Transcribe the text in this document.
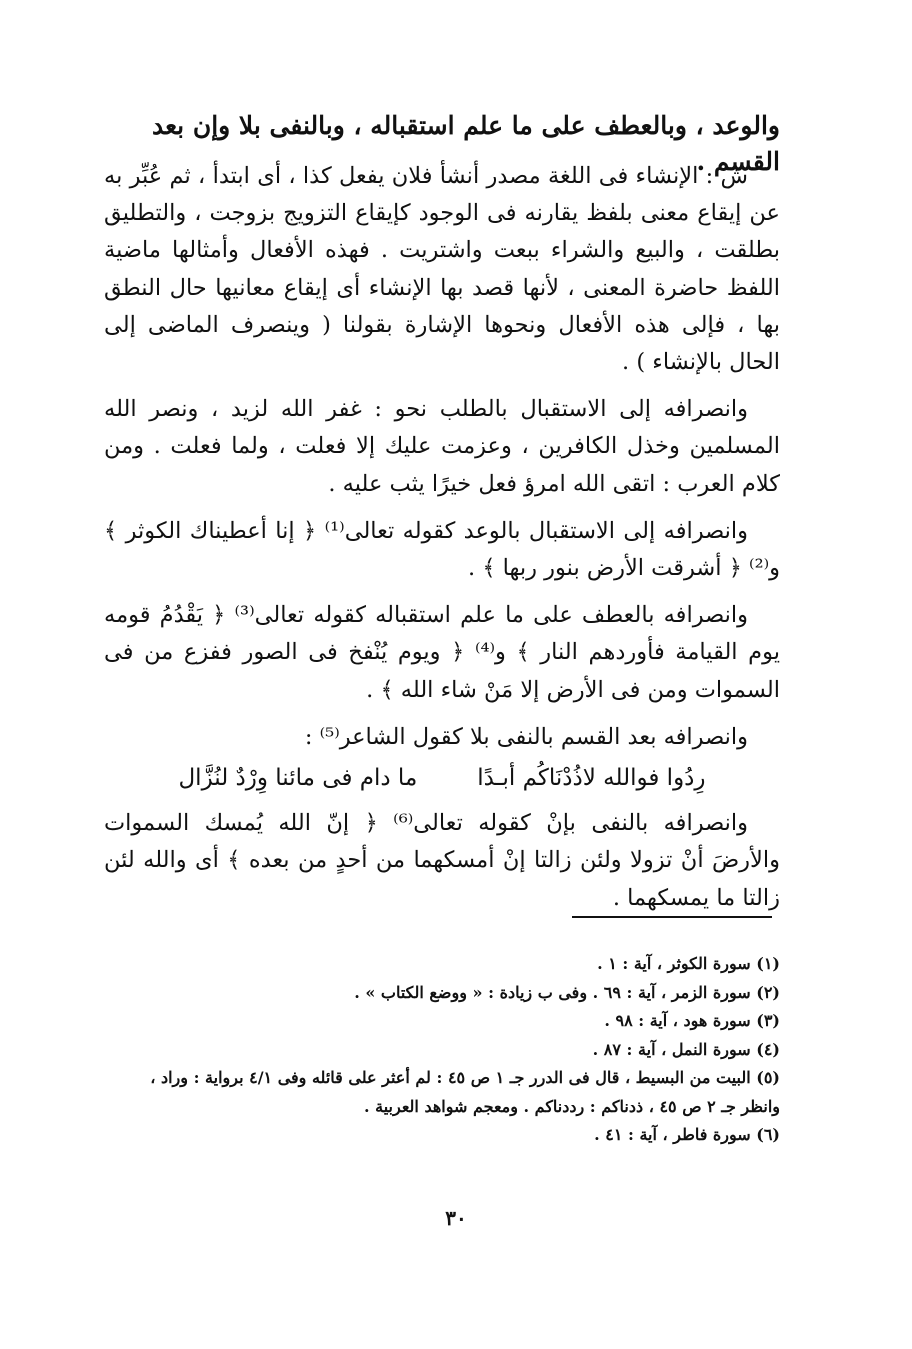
والوعد ، وبالعطف على ما علم استقباله ، وبالنفى بلا وإن بعد القسم .

ش : الإنشاء فى اللغة مصدر أنشأ فلان يفعل كذا ، أى ابتدأ ، ثم عُبِّر به عن إيقاع معنى بلفظ يقارنه فى الوجود كإيقاع التزويج بزوجت ، والتطليق بطلقت ، والبيع والشراء ببعت واشتريت . فهذه الأفعال وأمثالها ماضية اللفظ حاضرة المعنى ، لأنها قصد بها الإنشاء أى إيقاع معانيها حال النطق بها ، فإلى هذه الأفعال ونحوها الإشارة بقولنا ( وينصرف الماضى إلى الحال بالإنشاء ) .

وانصرافه إلى الاستقبال بالطلب نحو : غفر الله لزيد ، ونصر الله المسلمين وخذل الكافرين ، وعزمت عليك إلا فعلت ، ولما فعلت . ومن كلام العرب : اتقى الله امرؤ فعل خيرًا يثب عليه .

وانصرافه إلى الاستقبال بالوعد كقوله تعالى⁽¹⁾ ﴿ إنا أعطيناك الكوثر ﴾ و⁽²⁾ ﴿ أشرقت الأرض بنور ربها ﴾ .

وانصرافه بالعطف على ما علم استقباله كقوله تعالى⁽³⁾ ﴿ يَقْدُمُ قومه يوم القيامة فأوردهم النار ﴾ و⁽⁴⁾ ﴿ ويوم يُنْفخ فى الصور ففزع من فى السموات ومن فى الأرض إلا مَنْ شاء الله ﴾ .

وانصرافه بعد القسم بالنفى بلا كقول الشاعر⁽⁵⁾ :

رِدُوا فوالله لاذُدْنَاكُم أبـدًا
ما دام فى مائنا وِرْدٌ لنُزَّال

وانصرافه بالنفى بإنْ كقوله تعالى⁽⁶⁾ ﴿ إنّ الله يُمسك السموات والأرضَ أنْ تزولا ولئن زالتا إنْ أمسكهما من أحدٍ من بعده ﴾ أى والله لئن زالتا ما يمسكهما .

(١) سورة الكوثر ، آية : ١ .
(٢) سورة الزمر ، آية : ٦٩ . وفى ب زيادة : « ووضع الكتاب » .
(٣) سورة هود ، آية : ٩٨ .
(٤) سورة النمل ، آية : ٨٧ .
(٥) البيت من البسيط ، قال فى الدرر جـ ١ ص ٤٥ : لم أعثر على قائله وفى ٤/١ برواية : وراد ، وانظر جـ ٢ ص ٤٥ ، ذدناكم : رددناكم . ومعجم شواهد العربية .
(٦) سورة فاطر ، آية : ٤١ .
٣٠
